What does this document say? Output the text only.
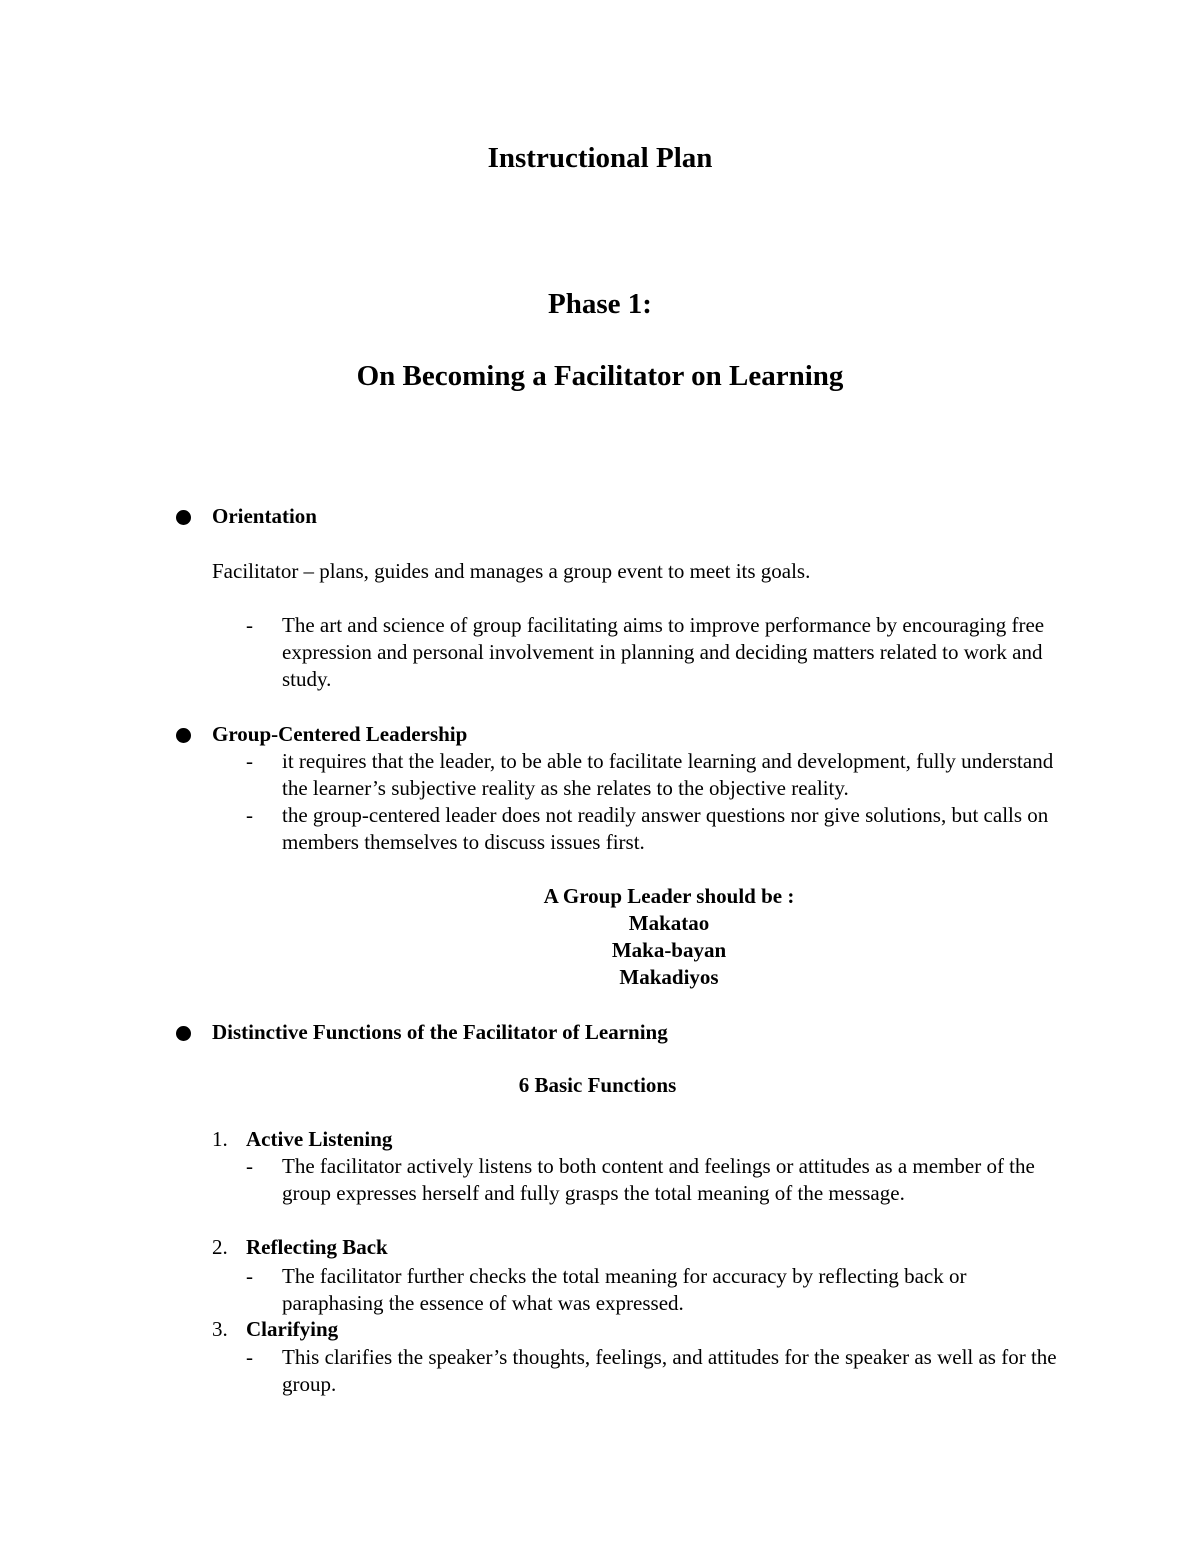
Instructional Plan
Phase 1:
On Becoming a Facilitator on Learning
Orientation
Facilitator – plans, guides and manages a group event to meet its goals.
- The art and science of group facilitating aims to improve performance by encouraging free expression and personal involvement in planning and deciding matters related to work and study.
Group-Centered Leadership
- it requires that the leader, to be able to facilitate learning and development, fully understand the learner’s subjective reality as she relates to the objective reality.
- the group-centered leader does not readily answer questions nor give solutions, but calls on members themselves to discuss issues first.
A Group Leader should be :
Makatao
Maka-bayan
Makadiyos
Distinctive Functions of the Facilitator of Learning
6 Basic Functions
1. Active Listening
- The facilitator actively listens to both content and feelings or attitudes as a member of the group expresses herself and fully grasps the total meaning of the message.
2. Reflecting Back
- The facilitator further checks the total meaning for accuracy by reflecting back or paraphasing the essence of what was expressed.
3. Clarifying
- This clarifies the speaker’s thoughts, feelings, and attitudes for the speaker as well as for the group.
